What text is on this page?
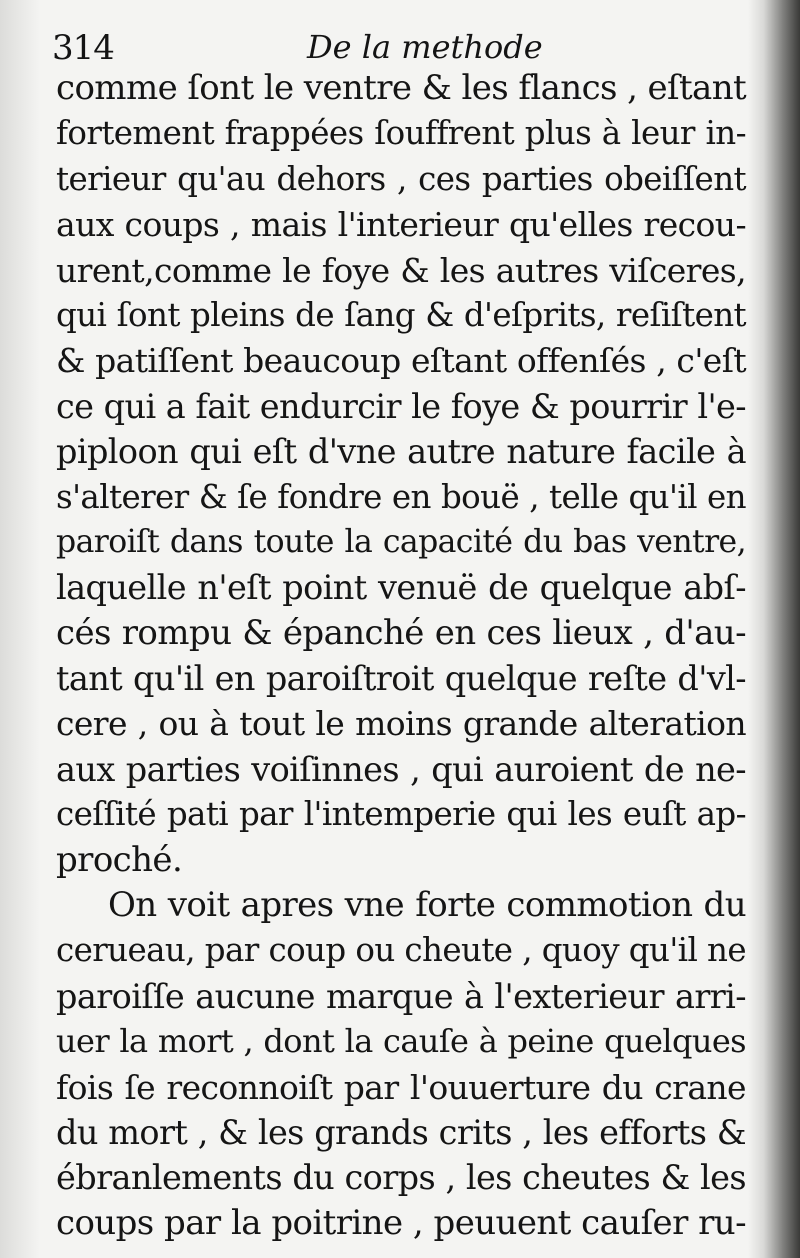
314	De la methode
comme ſont le ventre & les flancs , eſtant
fortement frappées ſouffrent plus à leur in-
terieur qu'au dehors , ces parties obeiſſent
aux coups , mais l'interieur qu'elles recou-
urent,comme le foye & les autres viſceres,
qui ſont pleins de ſang & d'eſprits, reſiſtent
& patiſſent beaucoup eſtant offenſés , c'eſt
ce qui a fait endurcir le foye & pourrir l'e-
piploon qui eſt d'vne autre nature facile à
s'alterer & ſe fondre en bouë , telle qu'il en
paroiſt dans toute la capacité du bas ventre,
laquelle n'eſt point venuë de quelque abſ-
cés rompu & épanché en ces lieux , d'au-
tant qu'il en paroiſtroit quelque reſte d'vl-
cere , ou à tout le moins grande alteration
aux parties voiſinnes , qui auroient de ne-
ceſſité pati par l'intemperie qui les euſt ap-
proché.
On voit apres vne forte commotion du
cerueau, par coup ou cheute , quoy qu'il ne
paroiſſe aucune marque à l'exterieur arri-
uer la mort , dont la cauſe à peine quelques
fois ſe reconnoiſt par l'ouuerture du crane
du mort , & les grands crits , les efforts &
ébranlements du corps , les cheutes & les
coups par la poitrine , peuuent cauſer ru-
